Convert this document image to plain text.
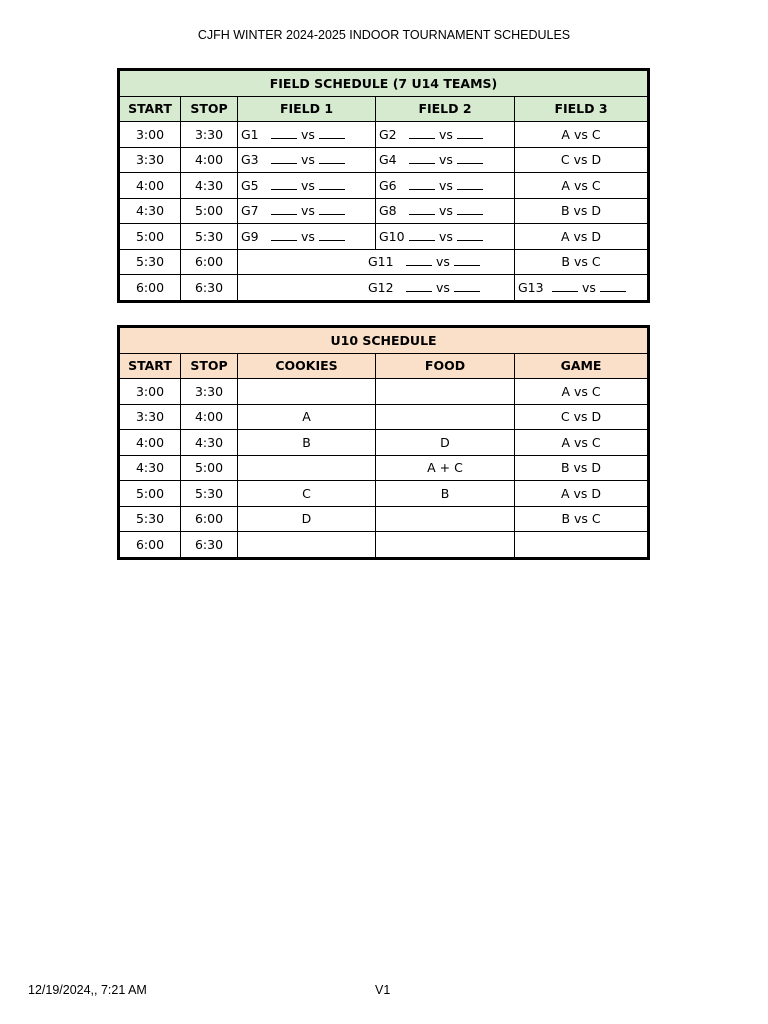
CJFH WINTER 2024-2025 INDOOR TOURNAMENT SCHEDULES
FIELD SCHEDULE (7 U14 TEAMS)				
START	STOP	FIELD 1	FIELD 2	FIELD 3
3:00	3:30	G1 vs	G2 vs	A vs C
3:30	4:00	G3 vs	G4 vs	C vs D
4:00	4:30	G5 vs	G6 vs	A vs C
4:30	5:00	G7 vs	G8 vs	B vs D
5:00	5:30	G9 vs	G10 vs	A vs D
5:30	6:00	G11 vs		B vs C
6:00	6:30	G12 vs		G13 vs
U10 SCHEDULE				
START	STOP	COOKIES	FOOD	GAME
3:00	3:30			A vs C
3:30	4:00	A		C vs D
4:00	4:30	B	D	A vs C
4:30	5:00		A + C	B vs D
5:00	5:30	C	B	A vs D
5:30	6:00	D		B vs C
6:00	6:30			
12/19/2024,, 7:21 AM	V1
